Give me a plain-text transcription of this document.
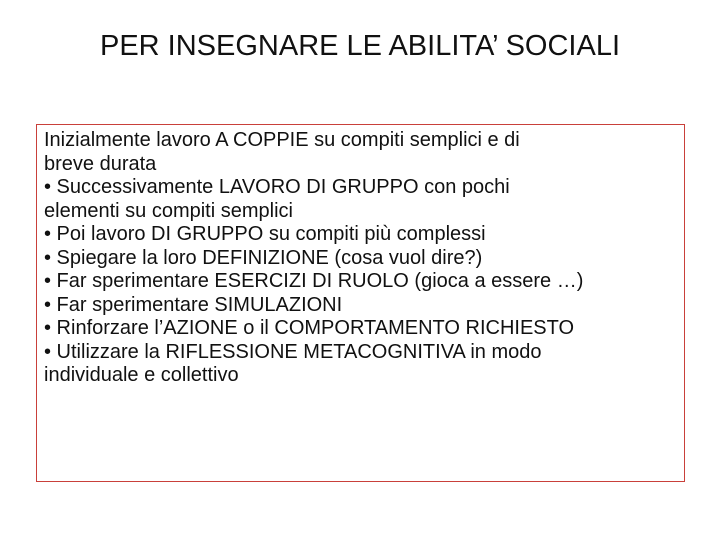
PER INSEGNARE LE ABILITA’ SOCIALI
Inizialmente lavoro A COPPIE su compiti semplici e di
breve durata
• Successivamente LAVORO DI GRUPPO con pochi
elementi su compiti semplici
• Poi lavoro DI GRUPPO su compiti più complessi
• Spiegare la loro DEFINIZIONE (cosa vuol dire?)
• Far sperimentare ESERCIZI DI RUOLO (gioca a essere …)
• Far sperimentare SIMULAZIONI
• Rinforzare l’AZIONE o il COMPORTAMENTO RICHIESTO
• Utilizzare la RIFLESSIONE METACOGNITIVA in modo
individuale e collettivo
